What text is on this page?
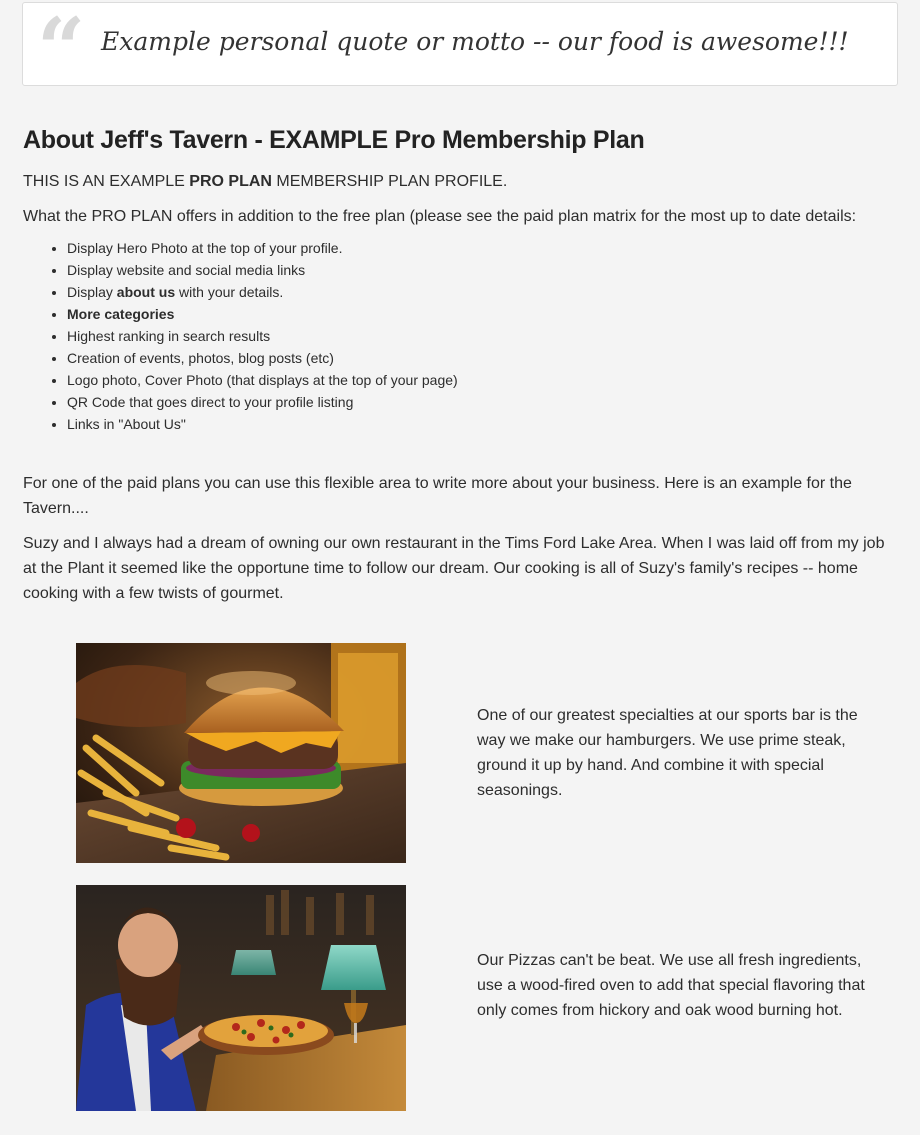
“ Example personal quote or motto -- our food is awesome!!!
About Jeff's Tavern - EXAMPLE Pro Membership Plan

THIS IS AN EXAMPLE PRO PLAN MEMBERSHIP PLAN PROFILE.

What the PRO PLAN offers in addition to the free plan (please see the paid plan matrix for the most up to date details:

• Display Hero Photo at the top of your profile.
• Display website and social media links
• Display about us with your details.
• More categories
• Highest ranking in search results
• Creation of events, photos, blog posts (etc)
• Logo photo, Cover Photo (that displays at the top of your page)
• QR Code that goes direct to your profile listing
• Links in "About Us"

For one of the paid plans you can use this flexible area to write more about your business. Here is an example for the Tavern....

Suzy and I always had a dream of owning our own restaurant in the Tims Ford Lake Area. When I was laid off from my job at the Plant it seemed like the opportune time to follow our dream. Our cooking is all of Suzy's family's recipes -- home cooking with a few twists of gourmet.

One of our greatest specialties at our sports bar is the way we make our hamburgers. We use prime steak, ground it up by hand. And combine it with special seasonings.
Our Pizzas can't be beat. We use all fresh ingredients, use a wood-fired oven to add that special flavoring that only comes from hickory and oak wood burning hot.
